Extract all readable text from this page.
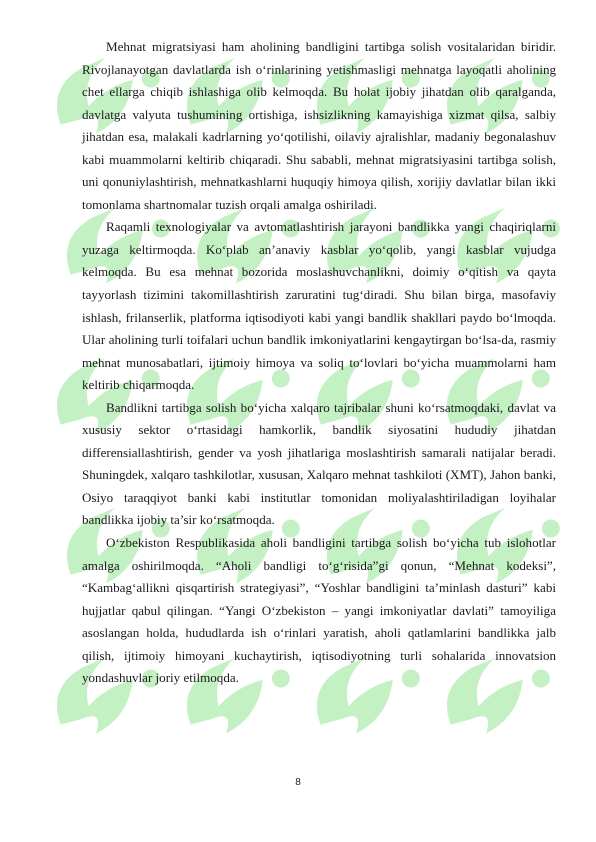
Mehnat migratsiyasi ham aholining bandligini tartibga solish vositalaridan biridir. Rivojlanayotgan davlatlarda ish o‘rinlarining yetishmasligi mehnatga layoqatli aholining chet ellarga chiqib ishlashiga olib kelmoqda. Bu holat ijobiy jihatdan olib qaralganda, davlatga valyuta tushumining ortishiga, ishsizlikning kamayishiga xizmat qilsa, salbiy jihatdan esa, malakali kadrlarning yo‘qotilishi, oilaviy ajralishlar, madaniy begonalashuv kabi muammolarni keltirib chiqaradi. Shu sababli, mehnat migratsiyasini tartibga solish, uni qonuniylashtirish, mehnatkashlarni huquqiy himoya qilish, xorijiy davlatlar bilan ikki tomonlama shartnomalar tuzish orqali amalga oshiriladi.

Raqamli texnologiyalar va avtomatlashtirish jarayoni bandlikka yangi chaqiriqlarni yuzaga keltirmoqda. Ko‘plab an’anaviy kasblar yo‘qolib, yangi kasblar vujudga kelmoqda. Bu esa mehnat bozorida moslashuvchanlikni, doimiy o‘qitish va qayta tayyorlash tizimini takomillashtirish zaruratini tug‘diradi. Shu bilan birga, masofaviy ishlash, frilanserlik, platforma iqtisodiyoti kabi yangi bandlik shakllari paydo bo‘lmoqda. Ular aholining turli toifalari uchun bandlik imkoniyatlarini kengaytirgan bo‘lsa-da, rasmiy mehnat munosabatlari, ijtimoiy himoya va soliq to‘lovlari bo‘yicha muammolarni ham keltirib chiqarmoqda.

Bandlikni tartibga solish bo‘yicha xalqaro tajribalar shuni ko‘rsatmoqdaki, davlat va xususiy sektor o‘rtasidagi hamkorlik, bandlik siyosatini hududiy jihatdan differensiallashtirish, gender va yosh jihatlariga moslashtirish samarali natijalar beradi. Shuningdek, xalqaro tashkilotlar, xususan, Xalqaro mehnat tashkiloti (XMT), Jahon banki, Osiyo taraqqiyot banki kabi institutlar tomonidan moliyalashtiriladigan loyihalar bandlikka ijobiy ta’sir ko‘rsatmoqda.

O‘zbekiston Respublikasida aholi bandligini tartibga solish bo‘yicha tub islohotlar amalga oshirilmoqda. “Aholi bandligi to‘g‘risida”gi qonun, “Mehnat kodeksi”, “Kambag‘allikni qisqartirish strategiyasi”, “Yoshlar bandligini ta’minlash dasturi” kabi hujjatlar qabul qilingan. “Yangi O‘zbekiston – yangi imkoniyatlar davlati” tamoyiliga asoslangan holda, hududlarda ish o‘rinlari yaratish, aholi qatlamlarini bandlikka jalb qilish, ijtimoiy himoyani kuchaytirish, iqtisodiyotning turli sohalarida innovatsion yondashuvlar joriy etilmoqda.

8
